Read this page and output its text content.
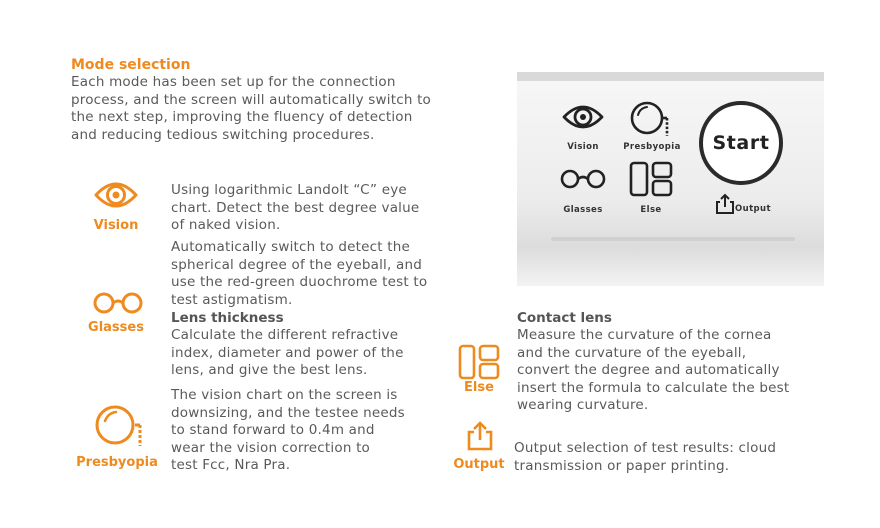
Mode selection
Each mode has been set up for the connection
process, and the screen will automatically switch to
the next step, improving the fluency of detection
and reducing tedious switching procedures.
Vision
Using logarithmic Landolt “C” eye
chart. Detect the best degree value
of naked vision.
Glasses
Automatically switch to detect the
spherical degree of the eyeball, and
use the red-green duochrome test to
test astigmatism.
Lens thickness
Calculate the different refractive
index, diameter and power of the
lens, and give the best lens.
Presbyopia
The vision chart on the screen is
downsizing, and the testee needs
to stand forward to 0.4m and
wear the vision correction to
test Fcc, Nra Pra.
Vision	Presbyopia
Glasses	Else
Start
Output
Else
Contact lens
Measure the curvature of the cornea
and the curvature of the eyeball,
convert the degree and automatically
insert the formula to calculate the best
wearing curvature.
Output
Output selection of test results: cloud
transmission or paper printing.
